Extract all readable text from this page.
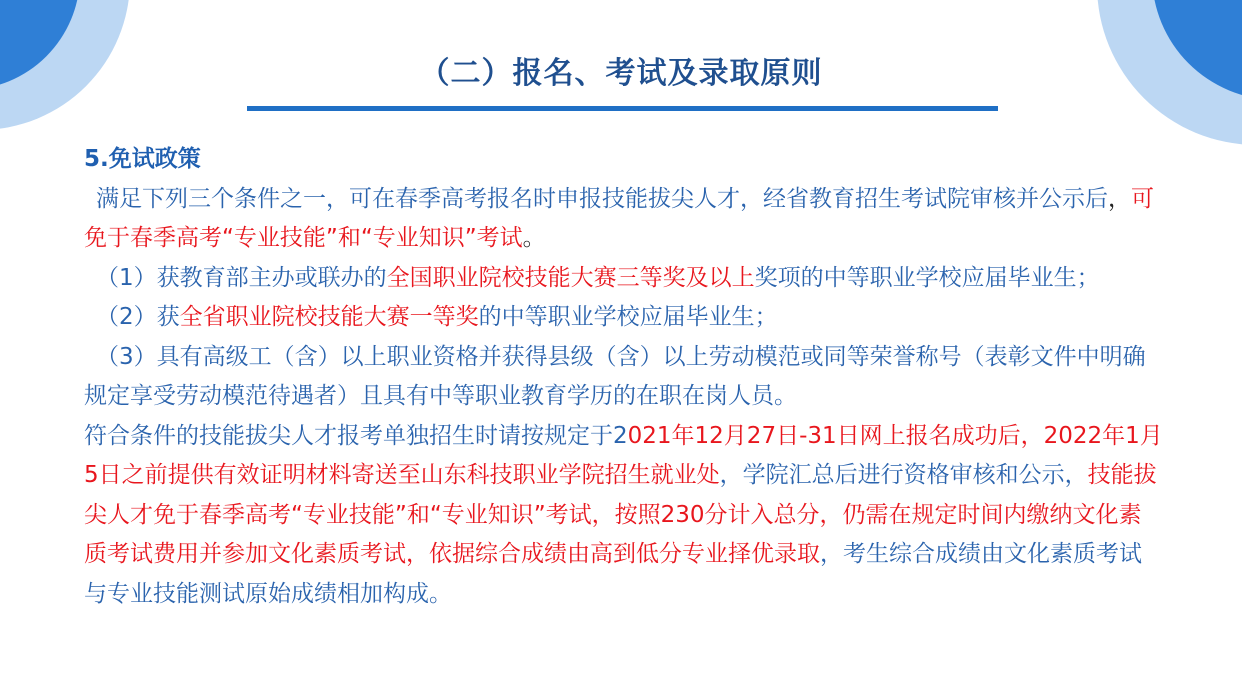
（二）报名、考试及录取原则

5.免试政策

满足下列三个条件之一，可在春季高考报名时申报技能拔尖人才，经省教育招生考试院审核并公示后，可免于春季高考“专业技能”和“专业知识”考试。

（1）获教育部主办或联办的全国职业院校技能大赛三等奖及以上奖项的中等职业学校应届毕业生；

（2）获全省职业院校技能大赛一等奖的中等职业学校应届毕业生；

（3）具有高级工（含）以上职业资格并获得县级（含）以上劳动模范或同等荣誉称号（表彰文件中明确规定享受劳动模范待遇者）且具有中等职业教育学历的在职在岗人员。

符合条件的技能拔尖人才报考单独招生时请按规定于2021年12月27日-31日网上报名成功后，2022年1月5日之前提供有效证明材料寄送至山东科技职业学院招生就业处，学院汇总后进行资格审核和公示，技能拔尖人才免于春季高考“专业技能”和“专业知识”考试，按照230分计入总分，仍需在规定时间内缴纳文化素质考试费用并参加文化素质考试，依据综合成绩由高到低分专业择优录取，考生综合成绩由文化素质考试与专业技能测试原始成绩相加构成。
